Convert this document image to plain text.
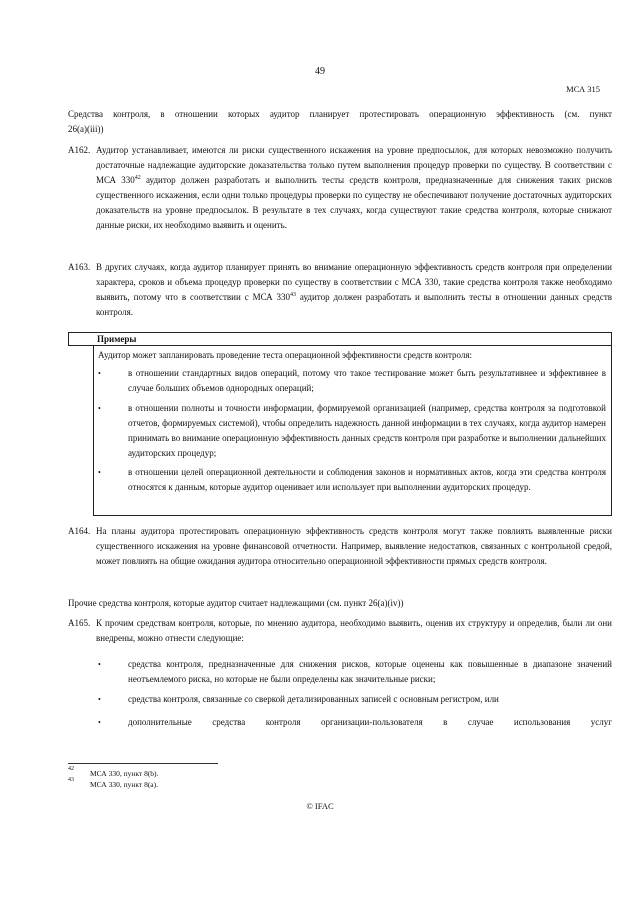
49
МСА 315
Средства контроля, в отношении которых аудитор планирует протестировать операционную эффективность (см. пункт
26(a)(iii))
A162. Аудитор устанавливает, имеются ли риски существенного искажения на уровне предпосылок, для которых невозможно получить достаточные надлежащие аудиторские доказательства только путем выполнения процедур проверки по существу. В соответствии с МСА $330^{42}$ аудитор должен разработать и выполнить тесты средств контроля, предназначенные для снижения таких рисков существенного искажения, если одни только процедуры проверки по существу не обеспечивают получение достаточных аудиторских доказательств на уровне предпосылок. В результате в тех случаях, когда существуют такие средства контроля, которые снижают данные риски, их необходимо выявить и оценить.
A163. В других случаях, когда аудитор планирует принять во внимание операционную эффективность средств контроля при определении характера, сроков и объема процедур проверки по существу в соответствии с МСА 330, такие средства контроля также необходимо выявить, потому что в соответствии с МСА $330^{43}$ аудитор должен разработать и выполнить тесты в отношении данных средств контроля.
Примеры
Аудитор может запланировать проведение теста операционной эффективности средств контроля:
•	в отношении стандартных видов операций, потому что такое тестирование может быть результативнее и эффективнее в случае больших объемов однородных операций;
•	в отношении полноты и точности информации, формируемой организацией (например, средства контроля за подготовкой отчетов, формируемых системой), чтобы определить надежность данной информации в тех случаях, когда аудитор намерен принимать во внимание операционную эффективность данных средств контроля при разработке и выполнении дальнейших аудиторских процедур;
•	в отношении целей операционной деятельности и соблюдения законов и нормативных актов, когда эти средства контроля относятся к данным, которые аудитор оценивает или использует при выполнении аудиторских процедур.
A164. На планы аудитора протестировать операционную эффективность средств контроля могут также повлиять выявленные риски существенного искажения на уровне финансовой отчетности. Например, выявление недостатков, связанных с контрольной средой, может повлиять на общие ожидания аудитора относительно операционной эффективности прямых средств контроля.
Прочие средства контроля, которые аудитор считает надлежащими (см. пункт 26(a)(iv))
A165. К прочим средствам контроля, которые, по мнению аудитора, необходимо выявить, оценив их структуру и определив, были ли они внедрены, можно отнести следующие:
•	средства контроля, предназначенные для снижения рисков, которые оценены как повышенные в диапазоне значений неотъемлемого риска, но которые не были определены как значительные риски;
•	средства контроля, связанные со сверкой детализированных записей с основным регистром, или
•	дополнительные средства контроля организации-пользователя в случае использования услуг
$^{42}$ МСА 330, пункт 8(b).
$^{43}$ МСА 330, пункт 8(a).
© IFAC
